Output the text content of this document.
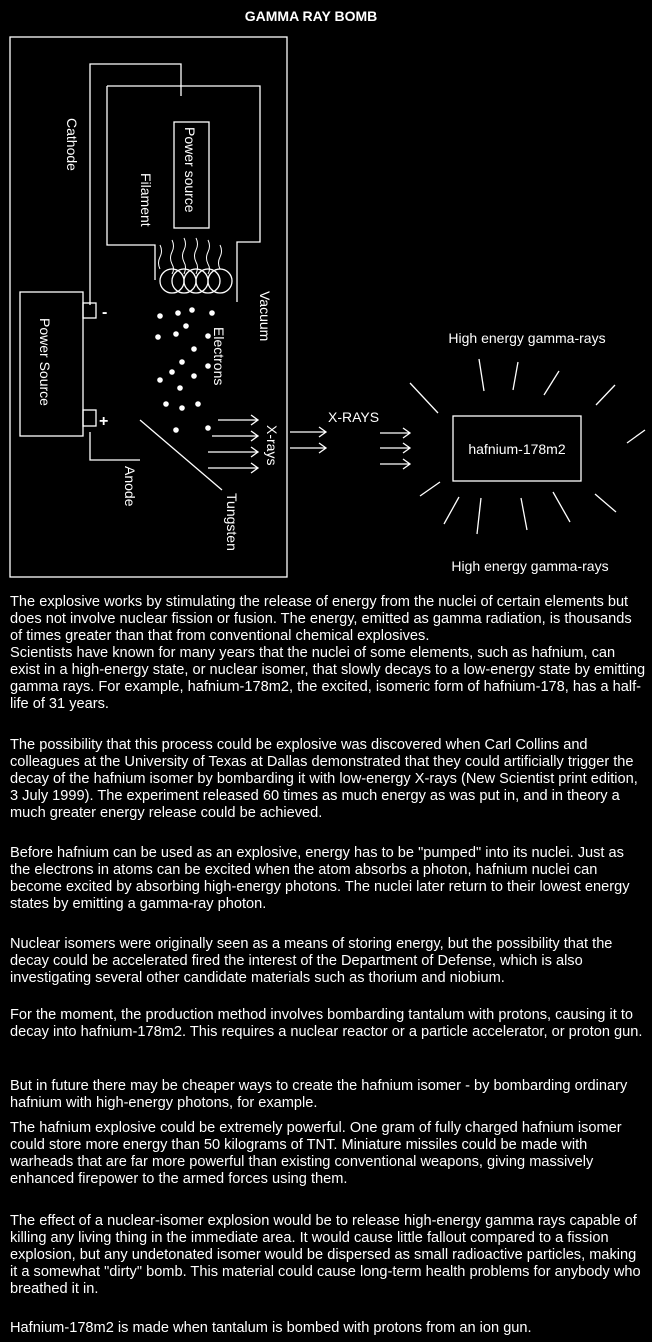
GAMMA RAY BOMB
Cathode	Power source
Filament
Power Source
-
+
Vacuum
Electrons
X-rays
Anode
Tungsten
X-RAYS
hafnium-178m2
High energy gamma-rays
High energy gamma-rays

The explosive works by stimulating the release of energy from the nuclei of certain elements but does not involve nuclear fission or fusion. The energy, emitted as gamma radiation, is thousands of times greater than that from conventional chemical explosives.

Scientists have known for many years that the nuclei of some elements, such as hafnium, can exist in a high-energy state, or nuclear isomer, that slowly decays to a low-energy state by emitting gamma rays. For example, hafnium-178m2, the excited, isomeric form of hafnium-178, has a half-life of 31 years.

The possibility that this process could be explosive was discovered when Carl Collins and colleagues at the University of Texas at Dallas demonstrated that they could artificially trigger the decay of the hafnium isomer by bombarding it with low-energy X-rays (New Scientist print edition, 3 July 1999). The experiment released 60 times as much energy as was put in, and in theory a much greater energy release could be achieved.

Before hafnium can be used as an explosive, energy has to be "pumped" into its nuclei. Just as the electrons in atoms can be excited when the atom absorbs a photon, hafnium nuclei can become excited by absorbing high-energy photons. The nuclei later return to their lowest energy states by emitting a gamma-ray photon.

Nuclear isomers were originally seen as a means of storing energy, but the possibility that the decay could be accelerated fired the interest of the Department of Defense, which is also investigating several other candidate materials such as thorium and niobium.

For the moment, the production method involves bombarding tantalum with protons, causing it to decay into hafnium-178m2. This requires a nuclear reactor or a particle accelerator, or proton gun.

But in future there may be cheaper ways to create the hafnium isomer - by bombarding ordinary hafnium with high-energy photons, for example.

The hafnium explosive could be extremely powerful. One gram of fully charged hafnium isomer could store more energy than 50 kilograms of TNT. Miniature missiles could be made with warheads that are far more powerful than existing conventional weapons, giving massively enhanced firepower to the armed forces using them.

The effect of a nuclear-isomer explosion would be to release high-energy gamma rays capable of killing any living thing in the immediate area. It would cause little fallout compared to a fission explosion, but any undetonated isomer would be dispersed as small radioactive particles, making it a somewhat "dirty" bomb. This material could cause long-term health problems for anybody who breathed it in.

Hafnium-178m2 is made when tantalum is bombed with protons from an ion gun.
